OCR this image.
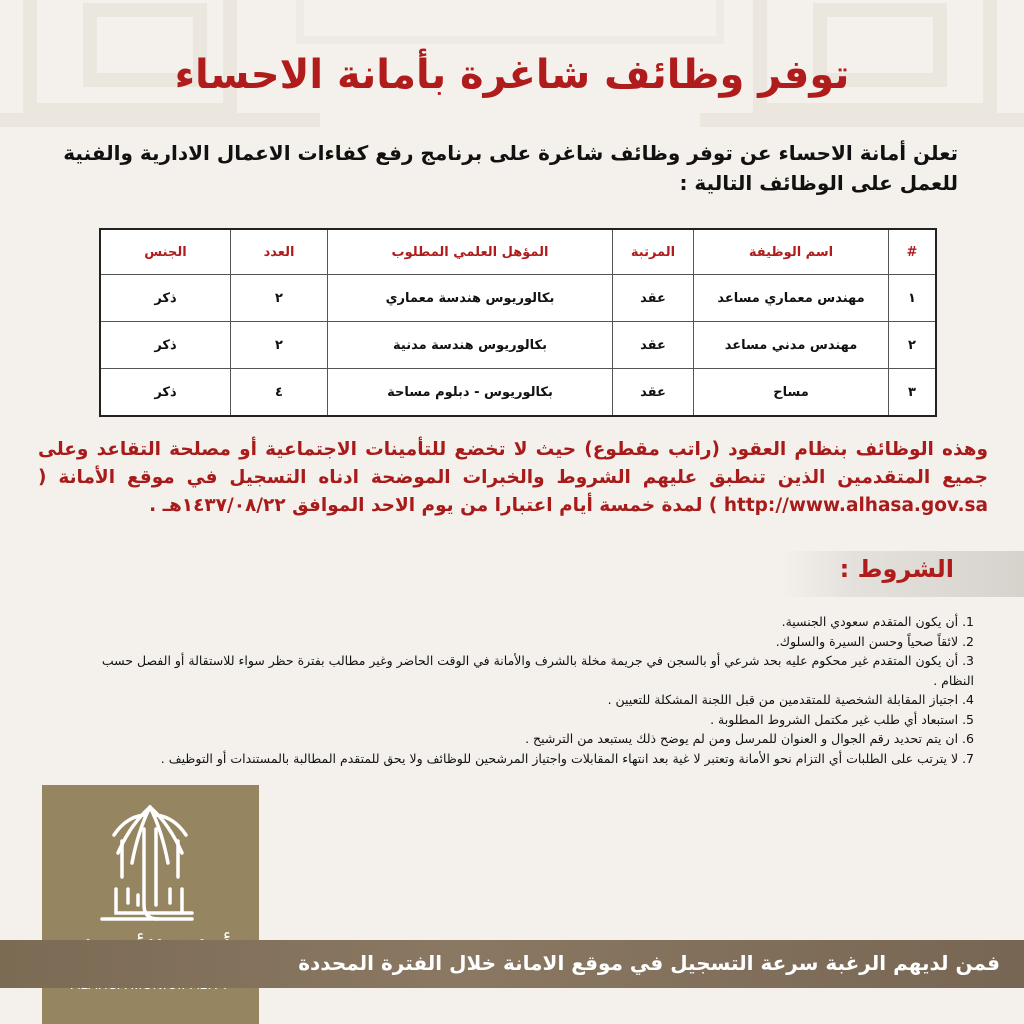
توفر وظائف شاغرة بأمانة الاحساء
تعلن أمانة الاحساء عن توفر وظائف شاغرة على برنامج رفع كفاءات الاعمال الادارية والفنية للعمل على الوظائف التالية :
#	اسم الوظيفة	المرتبة	المؤهل العلمي المطلوب	العدد	الجنس
١	مهندس معماري مساعد	عقد	بكالوريوس هندسة معماري	٢	ذكر
٢	مهندس مدني مساعد	عقد	بكالوريوس هندسة مدنية	٢	ذكر
٣	مساح	عقد	بكالوريوس - دبلوم مساحة	٤	ذكر
وهذه الوظائف بنظام العقود (راتب مقطوع) حيث لا تخضع للتأمينات الاجتماعية أو مصلحة التقاعد وعلى جميع المتقدمين الذين تنطبق عليهم الشروط والخبرات الموضحة ادناه التسجيل في موقع الأمانة ( http://www.alhasa.gov.sa ) لمدة خمسة أيام اعتبارا من يوم الاحد الموافق ١٤٣٧/٠٨/٢٢هـ .
الشروط :
1. أن يكون المتقدم سعودي الجنسية.
2. لائقاً صحياً وحسن السيرة والسلوك.
3. أن يكون المتقدم غير محكوم عليه بحد شرعي أو بالسجن في جريمة مخلة بالشرف والأمانة في الوقت الحاضر وغير مطالب بفترة حظر سواء للاستقالة أو الفصل حسب النظام .
4. اجتياز المقابلة الشخصية للمتقدمين من قبل اللجنة المشكلة للتعيين .
5. استبعاد أي طلب غير مكتمل الشروط المطلوبة .
6. ان يتم تحديد رقم الجوال و العنوان للمرسل ومن لم يوضح ذلك يستبعد من الترشيح .
7. لا يترتب على الطلبات أي التزام نحو الأمانة وتعتبر لا غية بعد انتهاء المقابلات واجتياز المرشحين للوظائف ولا يحق للمتقدم المطالبة بالمستندات أو التوظيف .
فمن لديهم الرغبة سرعة التسجيل في موقع الامانة خلال الفترة المحددة
